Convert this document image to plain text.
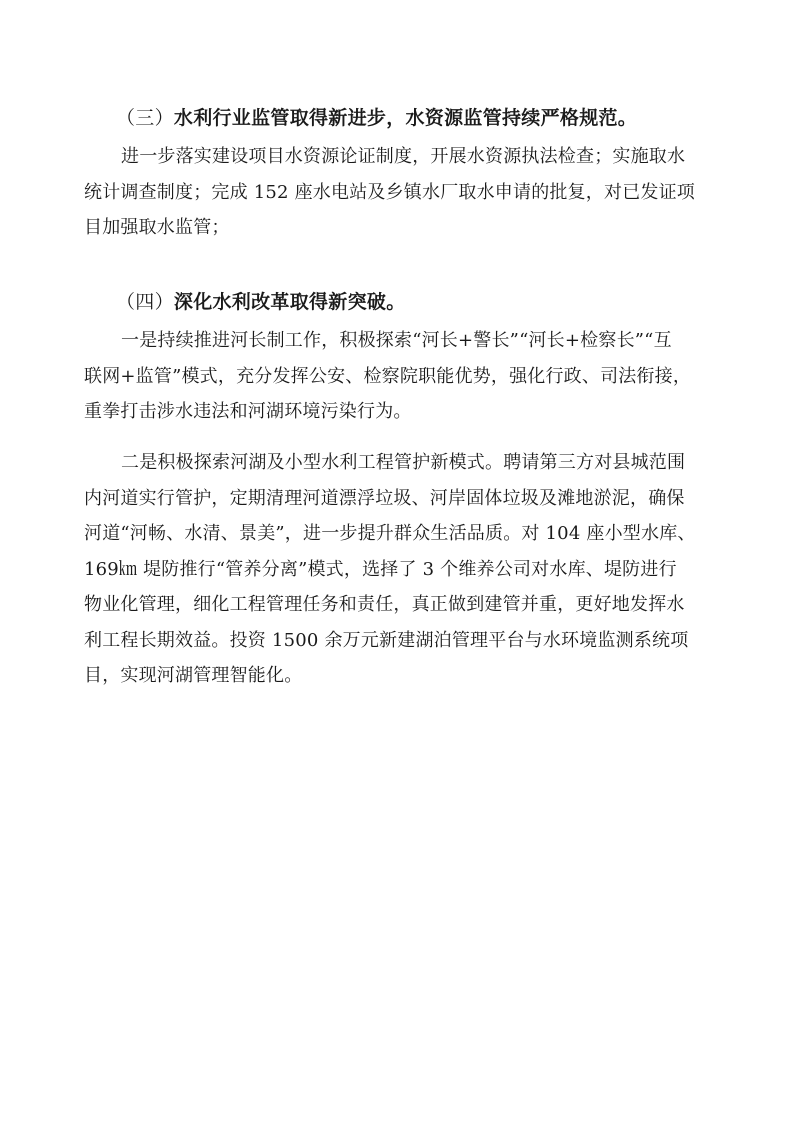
（三）水利行业监管取得新进步，水资源监管持续严格规范。
进一步落实建设项目水资源论证制度，开展水资源执法检查；实施取水
统计调查制度；完成 152 座水电站及乡镇水厂取水申请的批复，对已发证项
目加强取水监管；
（四）深化水利改革取得新突破。
一是持续推进河长制工作，积极探索“河长+警长”“河长+检察长”“互
联网+监管”模式，充分发挥公安、检察院职能优势，强化行政、司法衔接，
重拳打击涉水违法和河湖环境污染行为。
二是积极探索河湖及小型水利工程管护新模式。聘请第三方对县城范围
内河道实行管护，定期清理河道漂浮垃圾、河岸固体垃圾及滩地淤泥，确保
河道“河畅、水清、景美”，进一步提升群众生活品质。对 104 座小型水库、
169㎞ 堤防推行“管养分离”模式，选择了 3 个维养公司对水库、堤防进行
物业化管理，细化工程管理任务和责任，真正做到建管并重，更好地发挥水
利工程长期效益。投资 1500 余万元新建湖泊管理平台与水环境监测系统项
目，实现河湖管理智能化。
